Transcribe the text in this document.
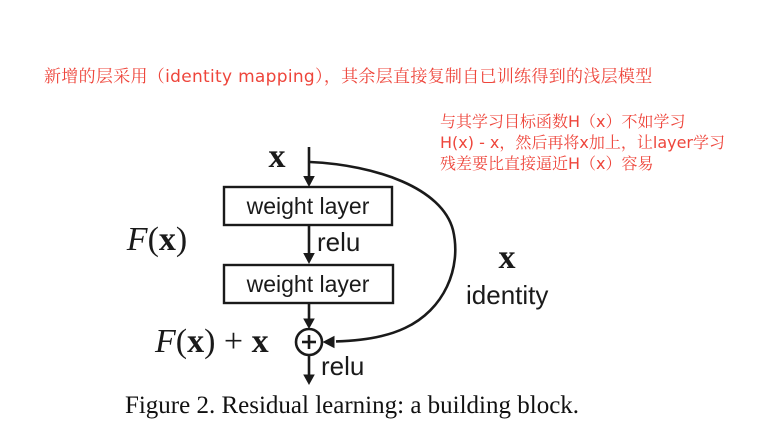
新增的层采用（identity mapping），其余层直接复制自已训练得到的浅层模型
与其学习目标函数H（x）不如学习
H(x) - x，然后再将x加上，让layer学习
残差要比直接逼近H（x）容易
x
weight layer
relu
F(x)
weight layer
relu
F(x) + x
x
identity
Figure 2. Residual learning: a building block.
